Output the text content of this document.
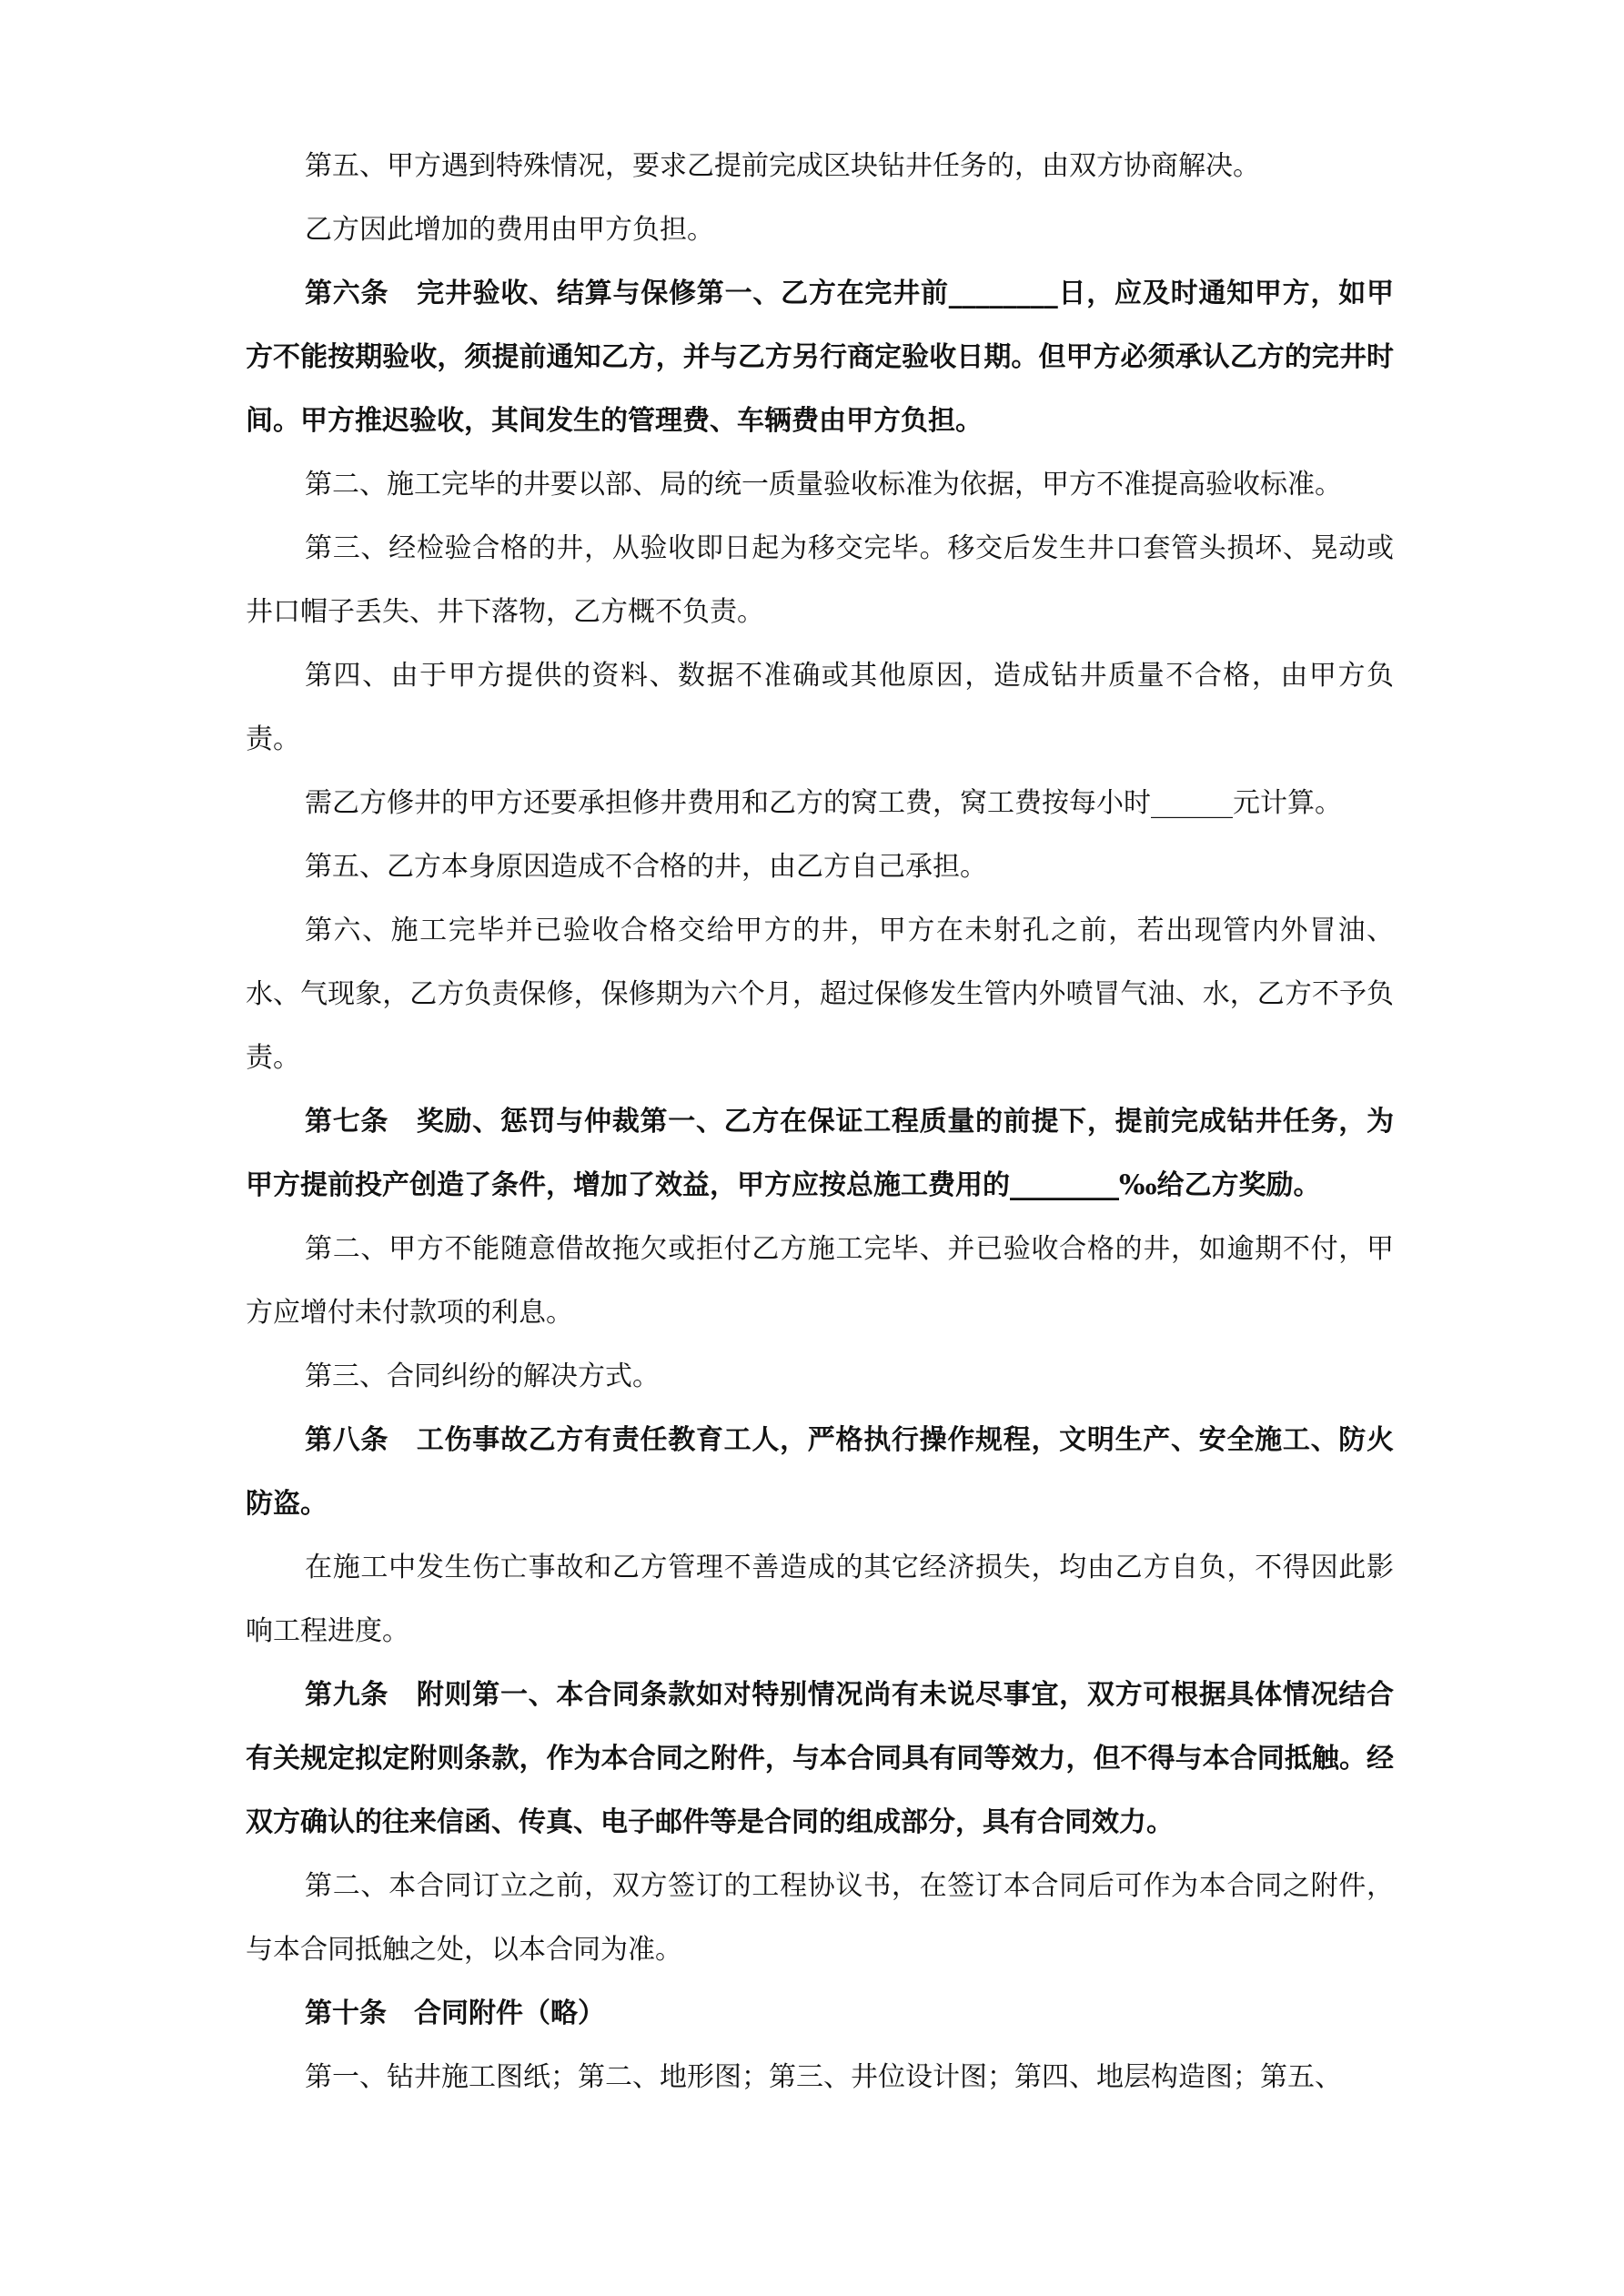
第五、甲方遇到特殊情况，要求乙提前完成区块钻井任务的，由双方协商解决。

乙方因此增加的费用由甲方负担。

第六条　完井验收、结算与保修第一、乙方在完井前________日，应及时通知甲方，如甲方不能按期验收，须提前通知乙方，并与乙方另行商定验收日期。但甲方必须承认乙方的完井时间。甲方推迟验收，其间发生的管理费、车辆费由甲方负担。

第二、施工完毕的井要以部、局的统一质量验收标准为依据，甲方不准提高验收标准。

第三、经检验合格的井，从验收即日起为移交完毕。移交后发生井口套管头损坏、晃动或井口帽子丢失、井下落物，乙方概不负责。

第四、由于甲方提供的资料、数据不准确或其他原因，造成钻井质量不合格，由甲方负责。

需乙方修井的甲方还要承担修井费用和乙方的窝工费，窝工费按每小时______元计算。

第五、乙方本身原因造成不合格的井，由乙方自己承担。

第六、施工完毕并已验收合格交给甲方的井，甲方在未射孔之前，若出现管内外冒油、水、气现象，乙方负责保修，保修期为六个月，超过保修发生管内外喷冒气油、水，乙方不予负责。

第七条　奖励、惩罚与仲裁第一、乙方在保证工程质量的前提下，提前完成钻井任务，为甲方提前投产创造了条件，增加了效益，甲方应按总施工费用的________‰给乙方奖励。

第二、甲方不能随意借故拖欠或拒付乙方施工完毕、并已验收合格的井，如逾期不付，甲方应增付未付款项的利息。

第三、合同纠纷的解决方式。

第八条　工伤事故乙方有责任教育工人，严格执行操作规程，文明生产、安全施工、防火防盗。

在施工中发生伤亡事故和乙方管理不善造成的其它经济损失，均由乙方自负，不得因此影响工程进度。

第九条　附则第一、本合同条款如对特别情况尚有未说尽事宜，双方可根据具体情况结合有关规定拟定附则条款，作为本合同之附件，与本合同具有同等效力，但不得与本合同抵触。经双方确认的往来信函、传真、电子邮件等是合同的组成部分，具有合同效力。

第二、本合同订立之前，双方签订的工程协议书，在签订本合同后可作为本合同之附件，与本合同抵触之处，以本合同为准。

第十条　合同附件（略）

第一、钻井施工图纸；第二、地形图；第三、井位设计图；第四、地层构造图；第五、
